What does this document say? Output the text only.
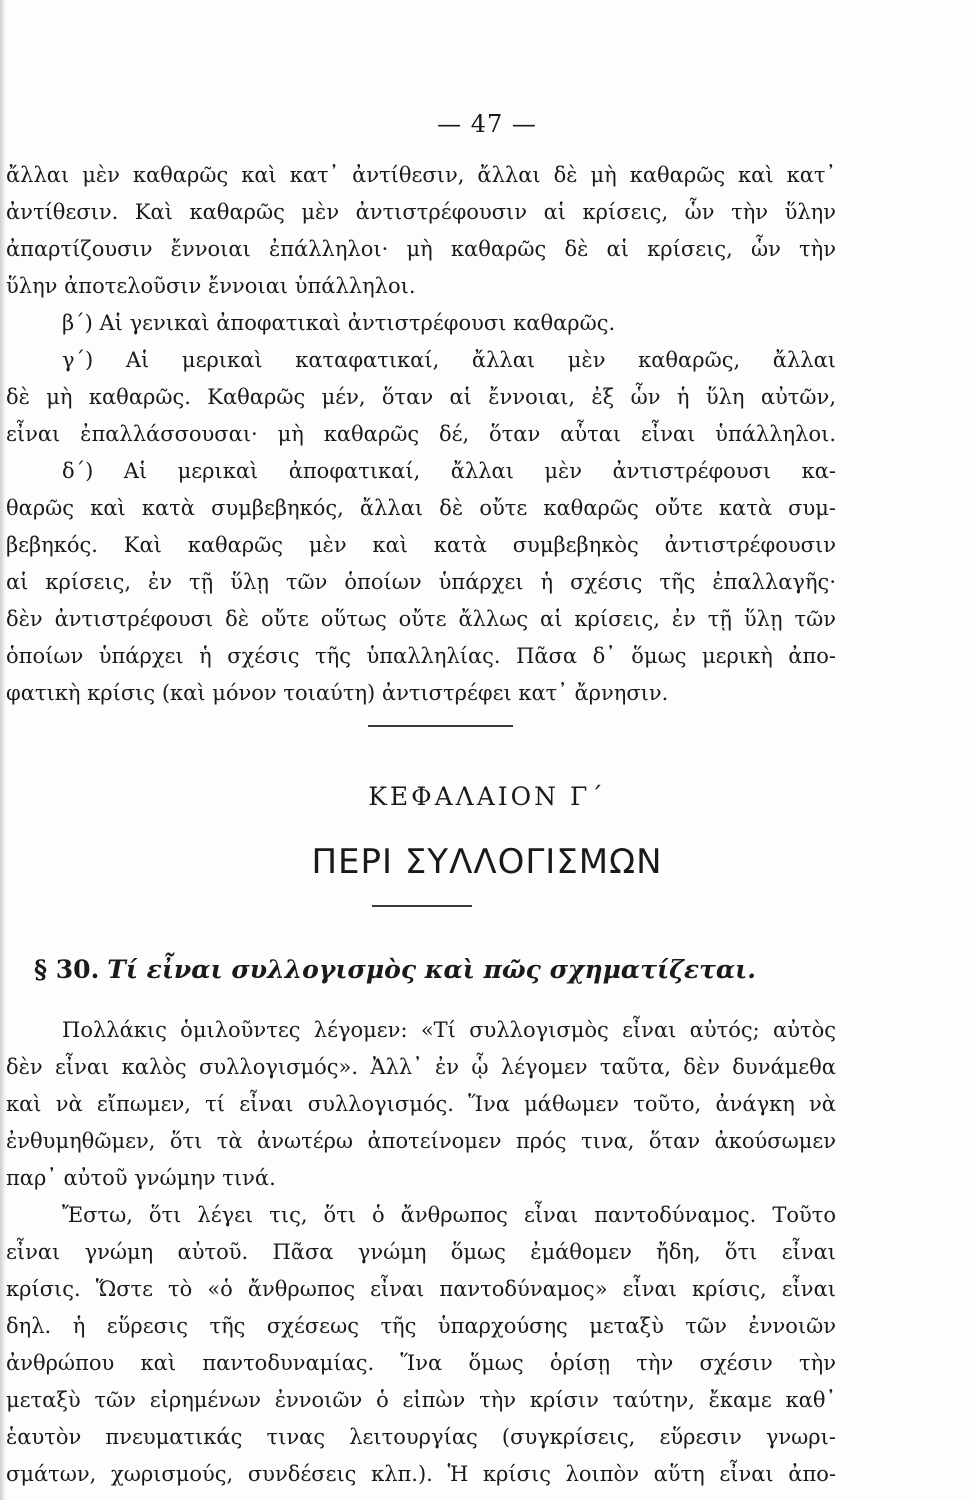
— 47 —
ἄλλαι μὲν καθαρῶς καὶ κατ᾿ ἀντίθεσιν, ἄλλαι δὲ μὴ καθαρῶς καὶ κατ᾿
ἀντίθεσιν. Καὶ καθαρῶς μὲν ἀντιστρέφουσιν αἱ κρίσεις, ὧν τὴν ὕλην
ἀπαρτίζουσιν ἔννοιαι ἐπάλληλοι· μὴ καθαρῶς δὲ αἱ κρίσεις, ὧν τὴν
ὕλην ἀποτελοῦσιν ἔννοιαι ὑπάλληλοι.
β΄) Αἱ γενικαὶ ἀποφατικαὶ ἀντιστρέφουσι καθαρῶς.
γ΄) Αἱ μερικαὶ καταφατικαί, ἄλλαι μὲν καθαρῶς, ἄλλαι
δὲ μὴ καθαρῶς. Καθαρῶς μέν, ὅταν αἱ ἔννοιαι, ἐξ ὧν ἡ ὕλη αὐτῶν,
εἶναι ἐπαλλάσσουσαι· μὴ καθαρῶς δέ, ὅταν αὗται εἶναι ὑπάλληλοι.
δ΄) Αἱ μερικαὶ ἀποφατικαί, ἄλλαι μὲν ἀντιστρέφουσι κα-
θαρῶς καὶ κατὰ συμβεβηκός, ἄλλαι δὲ οὔτε καθαρῶς οὔτε κατὰ συμ-
βεβηκός. Καὶ καθαρῶς μὲν καὶ κατὰ συμβεβηκὸς ἀντιστρέφουσιν
αἱ κρίσεις, ἐν τῇ ὕλῃ τῶν ὁποίων ὑπάρχει ἡ σχέσις τῆς ἐπαλλαγῆς·
δὲν ἀντιστρέφουσι δὲ οὔτε οὕτως οὔτε ἄλλως αἱ κρίσεις, ἐν τῇ ὕλῃ τῶν
ὁποίων ὑπάρχει ἡ σχέσις τῆς ὑπαλληλίας. Πᾶσα δ᾿ ὅμως μερικὴ ἀπο-
φατικὴ κρίσις (καὶ μόνον τοιαύτη) ἀντιστρέφει κατ᾿ ἄρνησιν.
ΚΕΦΑΛΑΙΟΝ Γ΄
ΠΕΡΙ ΣΥΛΛΟΓΙΣΜΩΝ
§ 30. Τί εἶναι συλλογισμὸς καὶ πῶς σχηματίζεται.
Πολλάκις ὁμιλοῦντες λέγομεν: «Τί συλλογισμὸς εἶναι αὐτός; αὐτὸς
δὲν εἶναι καλὸς συλλογισμός». Ἀλλ᾿ ἐν ᾧ λέγομεν ταῦτα, δὲν δυνάμεθα
καὶ νὰ εἴπωμεν, τί εἶναι συλλογισμός. Ἵνα μάθωμεν τοῦτο, ἀνάγκη νὰ
ἐνθυμηθῶμεν, ὅτι τὰ ἀνωτέρω ἀποτείνομεν πρός τινα, ὅταν ἀκούσωμεν
παρ᾿ αὐτοῦ γνώμην τινά.
Ἔστω, ὅτι λέγει τις, ὅτι ὁ ἄνθρωπος εἶναι παντοδύναμος. Τοῦτο
εἶναι γνώμη αὐτοῦ. Πᾶσα γνώμη ὅμως ἐμάθομεν ἤδη, ὅτι εἶναι
κρίσις. Ὥστε τὸ «ὁ ἄνθρωπος εἶναι παντοδύναμος» εἶναι κρίσις, εἶναι
δηλ. ἡ εὕρεσις τῆς σχέσεως τῆς ὑπαρχούσης μεταξὺ τῶν ἐννοιῶν
ἀνθρώπου καὶ παντοδυναμίας. Ἵνα ὅμως ὁρίσῃ τὴν σχέσιν τὴν
μεταξὺ τῶν εἰρημένων ἐννοιῶν ὁ εἰπὼν τὴν κρίσιν ταύτην, ἔκαμε καθ᾿
ἑαυτὸν πνευματικάς τινας λειτουργίας (συγκρίσεις, εὕρεσιν γνωρι-
σμάτων, χωρισμούς, συνδέσεις κλπ.). Ἡ κρίσις λοιπὸν αὕτη εἶναι ἀπο-
